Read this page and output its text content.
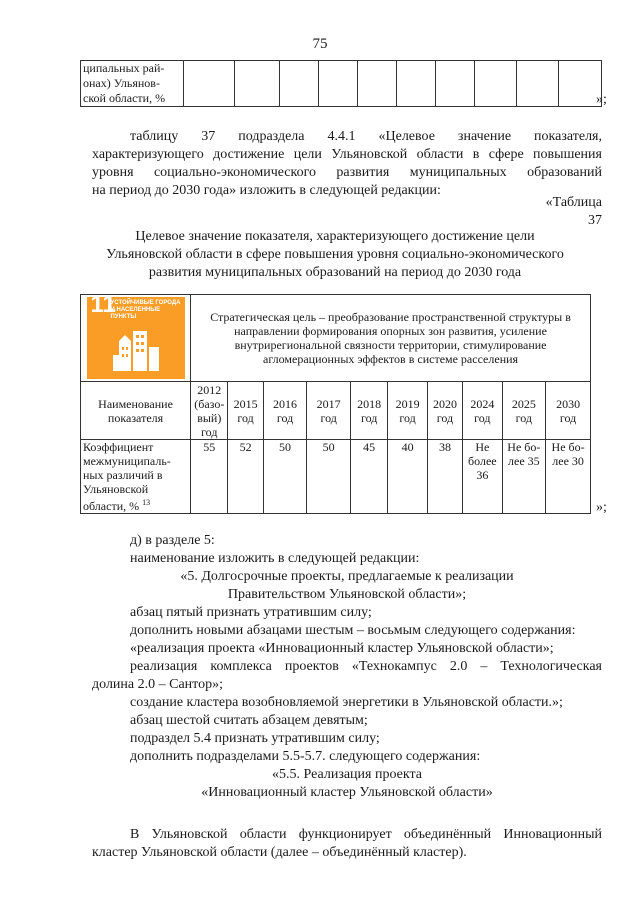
75
ципальных рай-онах) Ульянов-ской области, %											»;
таблицу 37 подраздела 4.4.1 «Целевое значение показателя,
характеризующего достижение цели Ульяновской области в сфере повышения
уровня социально-экономического развития муниципальных образований
на период до 2030 года» изложить в следующей редакции:
«Таблица 37
Целевое значение показателя, характеризующего достижение цели
Ульяновской области в сфере повышения уровня социально-экономического
развития муниципальных образований на период до 2030 года
11
УСТОЙЧИВЫЕ ГОРОДА И НАСЕЛЕННЫЕ ПУНКТЫ	Стратегическая цель – преобразование пространственной структуры в направлении формирования опорных зон развития, усиление внутрирегиональной связности территории, стимулирование агломерационных эффектов в системе расселения									
Наименование показателя	2012 (базо-вый) год	2015 год	2016 год	2017 год	2018 год	2019 год	2020 год	2024 год	2025 год	2030 год
Коэффициент межмуниципаль-ных различий в Ульяновской области, % $^{13}$	55	52	50	50	45	40	38	Не более 36	Не бо-лее 35	Не бо-лее 30
»;
д) в разделе 5:
наименование изложить в следующей редакции:
«5. Долгосрочные проекты, предлагаемые к реализации
Правительством Ульяновской области»;
абзац пятый признать утратившим силу;
дополнить новыми абзацами шестым – восьмым следующего содержания:
«реализация проекта «Инновационный кластер Ульяновской области»;
реализация комплекса проектов «Технокампус 2.0 – Технологическая
долина 2.0 – Сантор»;
создание кластера возобновляемой энергетики в Ульяновской области.»;
абзац шестой считать абзацем девятым;
подраздел 5.4 признать утратившим силу;
дополнить подразделами 5.5-5.7. следующего содержания:
«5.5. Реализация проекта
«Инновационный кластер Ульяновской области»
В Ульяновской области функционирует объединённый Инновационный
кластер Ульяновской области (далее – объединённый кластер).
